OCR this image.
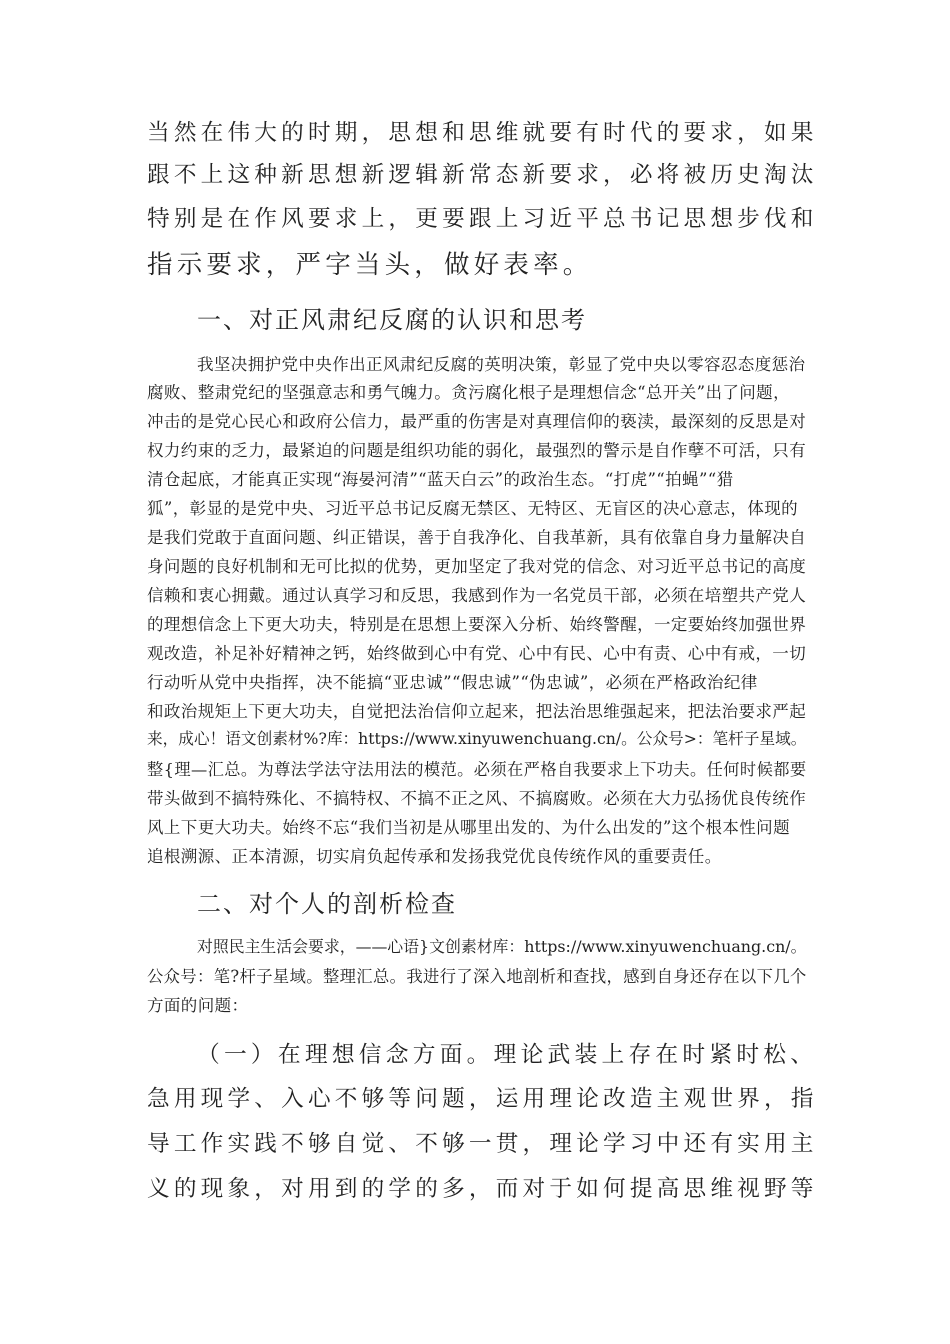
当然在伟大的时期，思想和思维就要有时代的要求，如果

跟不上这种新思想新逻辑新常态新要求，必将被历史淘汰

特别是在作风要求上，更要跟上习近平总书记思想步伐和

指示要求，严字当头，做好表率。

一、对正风肃纪反腐的认识和思考

我坚决拥护党中央作出正风肃纪反腐的英明决策，彰显了党中央以零容忍态度惩治

腐败、整肃党纪的坚强意志和勇气魄力。贪污腐化根子是理想信念“总开关”出了问题，

冲击的是党心民心和政府公信力，最严重的伤害是对真理信仰的亵渎，最深刻的反思是对

权力约束的乏力，最紧迫的问题是组织功能的弱化，最强烈的警示是自作孽不可活，只有

清仓起底，才能真正实现“海晏河清”“蓝天白云”的政治生态。“打虎”“拍蝇”“猎

狐”，彰显的是党中央、习近平总书记反腐无禁区、无特区、无盲区的决心意志，体现的

是我们党敢于直面问题、纠正错误，善于自我净化、自我革新，具有依靠自身力量解决自

身问题的良好机制和无可比拟的优势，更加坚定了我对党的信念、对习近平总书记的高度

信赖和衷心拥戴。通过认真学习和反思，我感到作为一名党员干部，必须在培塑共产党人

的理想信念上下更大功夫，特别是在思想上要深入分析、始终警醒，一定要始终加强世界

观改造，补足补好精神之钙，始终做到心中有党、心中有民、心中有责、心中有戒，一切

行动听从党中央指挥，决不能搞“亚忠诚”“假忠诚”“伪忠诚”，必须在严格政治纪律

和政治规矩上下更大功夫，自觉把法治信仰立起来，把法治思维强起来，把法治要求严起

来，成心！语文创素材%?库：https://www.xinyuwenchuang.cn/。公众号>：笔杆子星域。

整{理—汇总。为尊法学法守法用法的模范。必须在严格自我要求上下功夫。任何时候都要

带头做到不搞特殊化、不搞特权、不搞不正之风、不搞腐败。必须在大力弘扬优良传统作

风上下更大功夫。始终不忘“我们当初是从哪里出发的、为什么出发的”这个根本性问题

追根溯源、正本清源，切实肩负起传承和发扬我党优良传统作风的重要责任。

二、对个人的剖析检查

对照民主生活会要求，——心语}文创素材库：https://www.xinyuwenchuang.cn/。

公众号：笔?杆子星域。整理汇总。我进行了深入地剖析和查找，感到自身还存在以下几个

方面的问题：

（一）在理想信念方面。理论武装上存在时紧时松、

急用现学、入心不够等问题，运用理论改造主观世界，指

导工作实践不够自觉、不够一贯，理论学习中还有实用主

义的现象，对用到的学的多，而对于如何提高思维视野等
